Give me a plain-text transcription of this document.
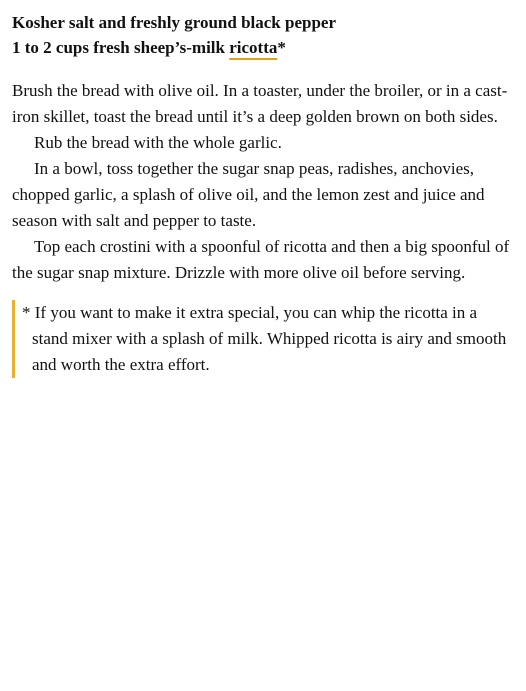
Kosher salt and freshly ground black pepper
1 to 2 cups fresh sheep’s-milk ricotta*

Brush the bread with olive oil. In a toaster, under the broiler, or in a cast-iron skillet, toast the bread until it’s a deep golden brown on both sides.

Rub the bread with the whole garlic.

In a bowl, toss together the sugar snap peas, radishes, anchovies, chopped garlic, a splash of olive oil, and the lemon zest and juice and season with salt and pepper to taste.

Top each crostini with a spoonful of ricotta and then a big spoonful of the sugar snap mixture. Drizzle with more olive oil before serving.

* If you want to make it extra special, you can whip the ricotta in a stand mixer with a splash of milk. Whipped ricotta is airy and smooth and worth the extra effort.
